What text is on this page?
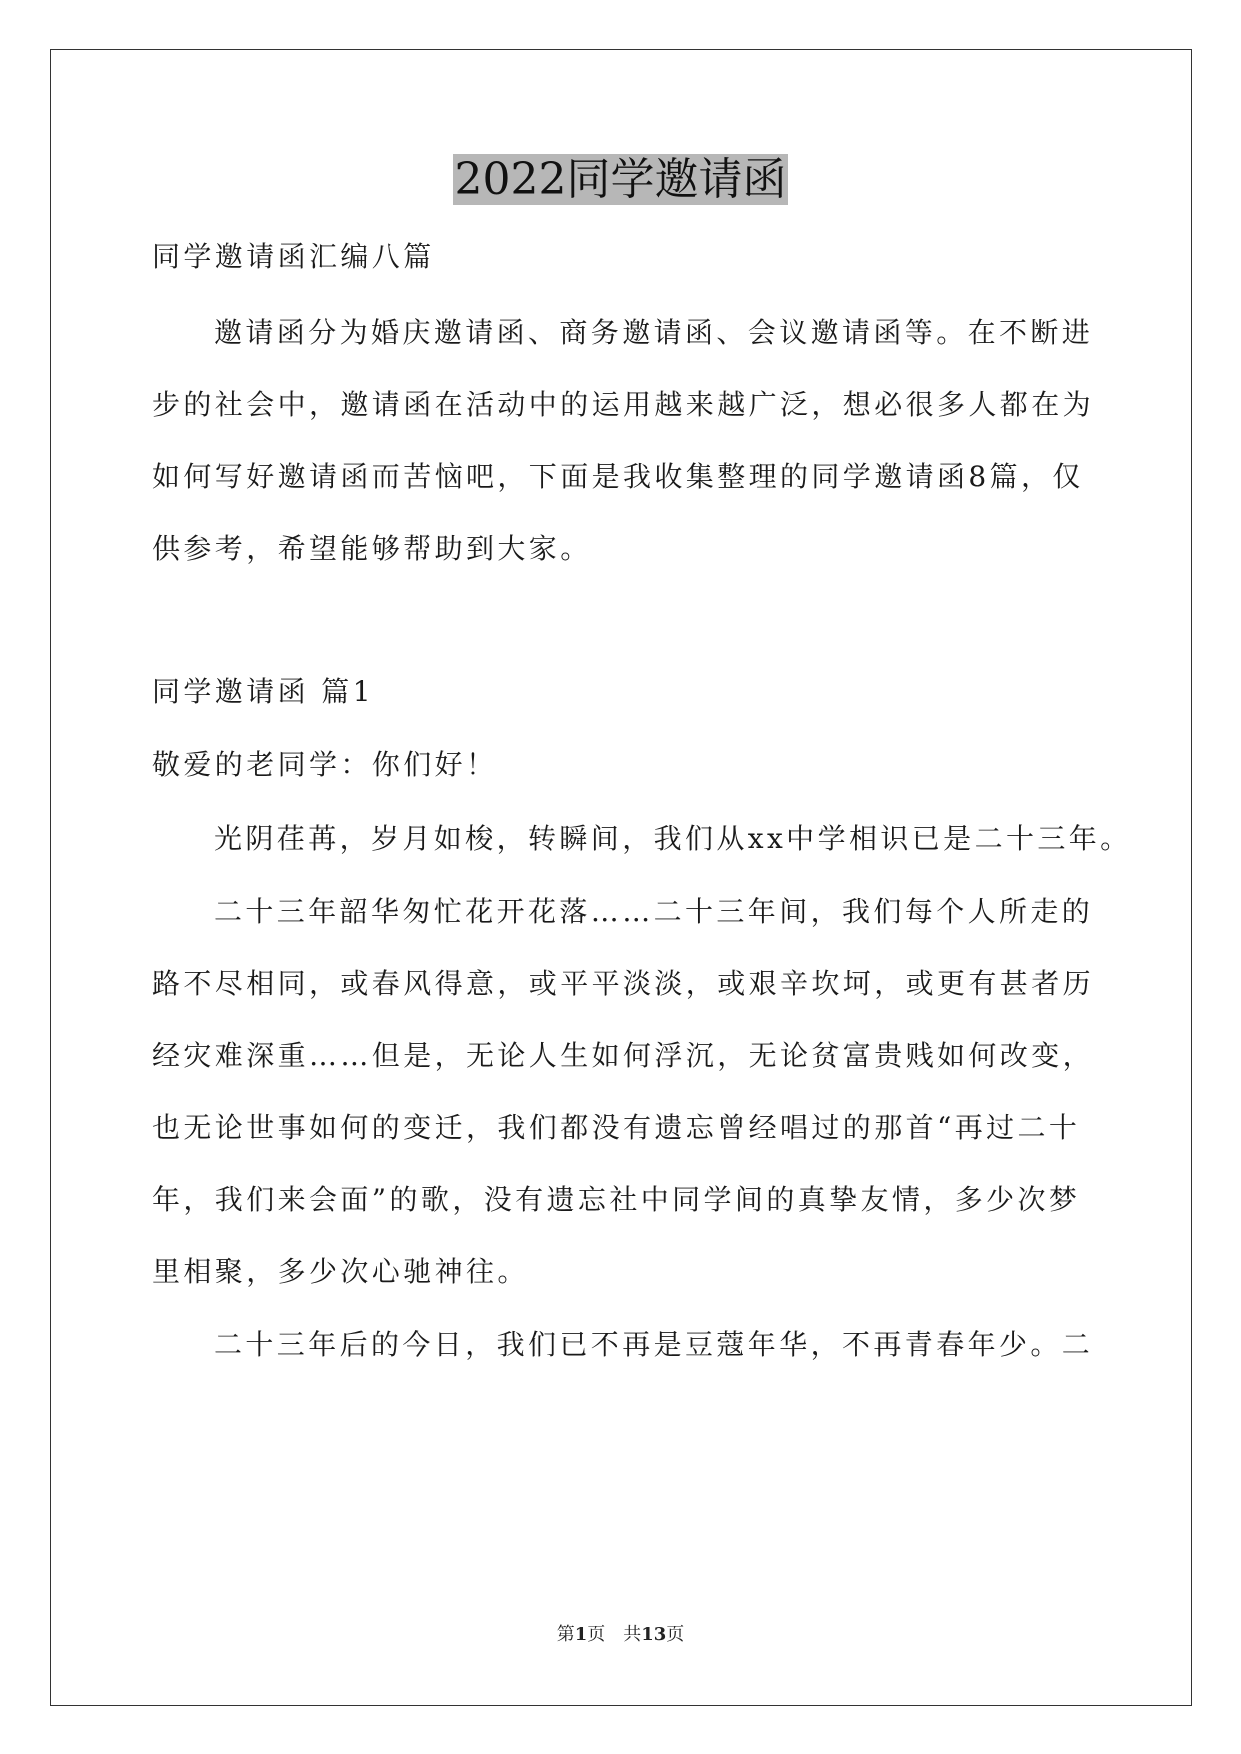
2022同学邀请函
同学邀请函汇编八篇
邀请函分为婚庆邀请函、商务邀请函、会议邀请函等。在不断进
步的社会中，邀请函在活动中的运用越来越广泛，想必很多人都在为
如何写好邀请函而苦恼吧，下面是我收集整理的同学邀请函8篇，仅
供参考，希望能够帮助到大家。
同学邀请函 篇1
敬爱的老同学：你们好！
光阴荏苒，岁月如梭，转瞬间，我们从xx中学相识已是二十三年。
二十三年韶华匆忙花开花落……二十三年间，我们每个人所走的
路不尽相同，或春风得意，或平平淡淡，或艰辛坎坷，或更有甚者历
经灾难深重……但是，无论人生如何浮沉，无论贫富贵贱如何改变，
也无论世事如何的变迁，我们都没有遗忘曾经唱过的那首“再过二十
年，我们来会面”的歌，没有遗忘社中同学间的真挚友情，多少次梦
里相聚，多少次心驰神往。
二十三年后的今日，我们已不再是豆蔻年华，不再青春年少。二
第1页　共13页
